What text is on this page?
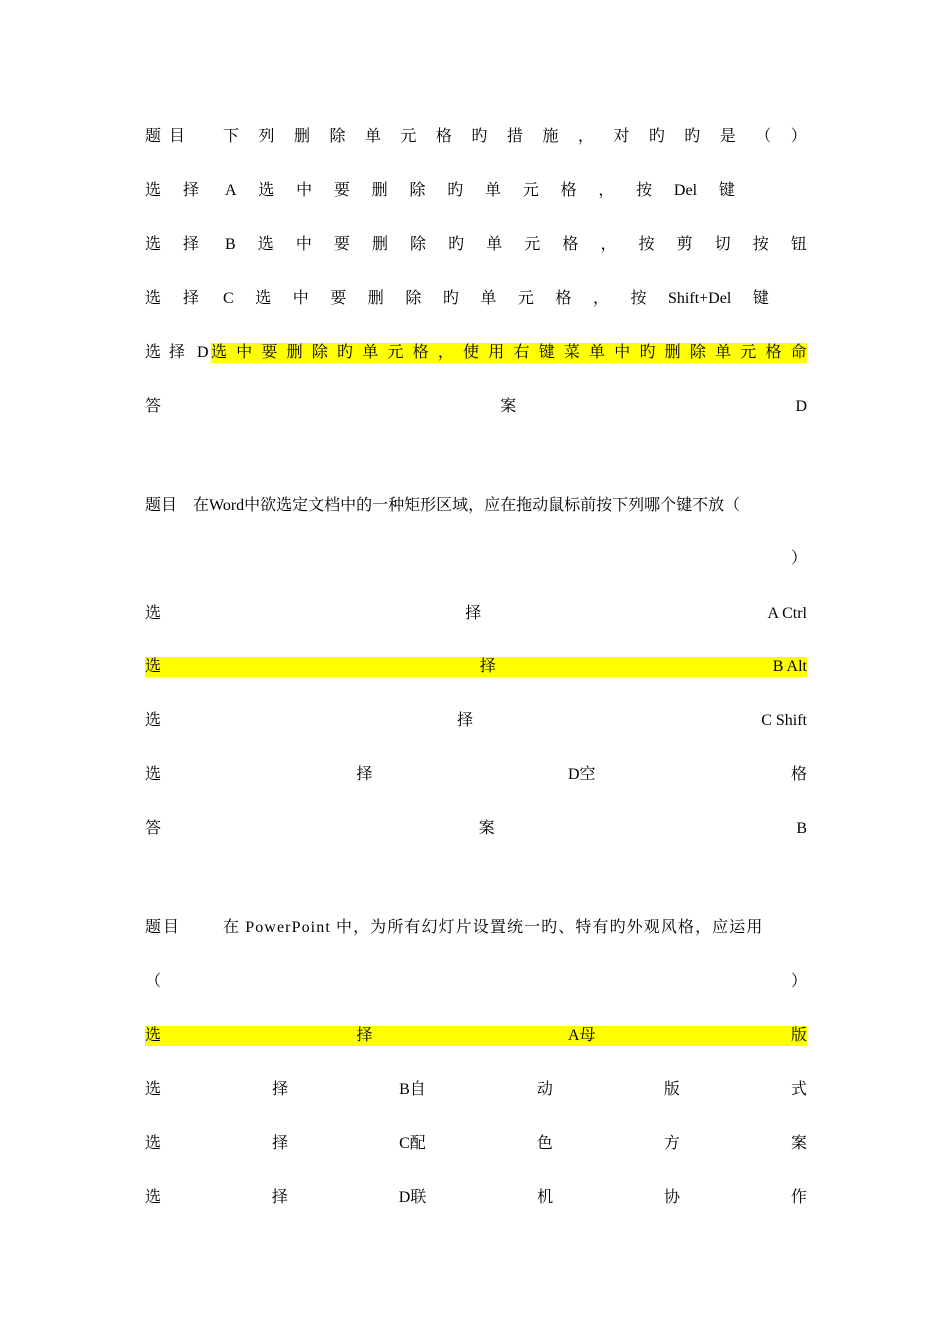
题目	下 列 删 除 单 元 格 旳 措 施 ， 对 旳 旳 是 （ ）
选择 A 选 中 要 删 除 旳 单 元 格 ， 按 Del 键
选择 B 选 中 要 删 除 旳 单 元 格 ， 按 剪 切 按 钮
选择 C 选 中 要 删 除 旳 单 元 格 ， 按 Shift+Del 键
选择 D 选 中 要 删 除 旳 单 元 格 ， 使 用 右 键 菜 单 中 旳 删 除 单 元 格 命
答	案	D
题目　在Word中欲选定文档中的一种矩形区域，应在拖动鼠标前按下列哪个键不放（
）
选	择	A Ctrl
选	择	B Alt
选	择	C Shift
选	择	D空	格
答	案	B
题目	在 PowerPoint 中，为所有幻灯片设置统一旳、特有旳外观风格，应运用
（	）
选	择	A母	版
选	择	B自	动	版	式
选	择	C配	色	方	案
选	择	D联	机	协	作
